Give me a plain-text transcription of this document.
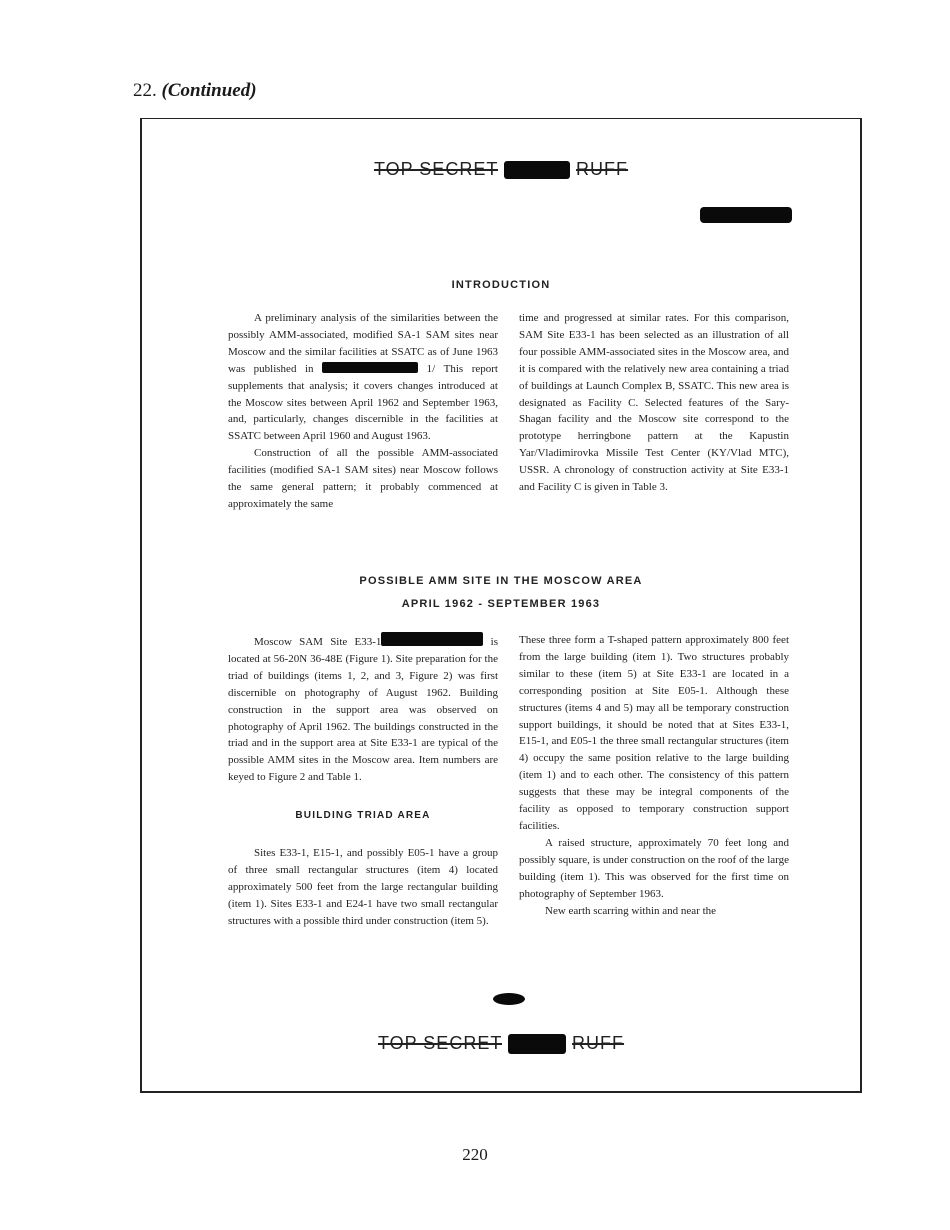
22. (Continued)
TOP SECRET	RUFF
INTRODUCTION

A preliminary analysis of the similarities between the possibly AMM-associated, modified SA-1 SAM sites near Moscow and the similar facilities at SSATC as of June 1963 was published in	1/ This report supplements that analysis; it covers changes introduced at the Moscow sites between April 1962 and September 1963, and, particularly, changes discernible in the facilities at SSATC between April 1960 and August 1963.

Construction of all the possible AMM-associated facilities (modified SA-1 SAM sites) near Moscow follows the same general pattern; it probably commenced at approximately the same

time and progressed at similar rates. For this comparison, SAM Site E33-1 has been selected as an illustration of all four possible AMM-associated sites in the Moscow area, and it is compared with the relatively new area containing a triad of buildings at Launch Complex B, SSATC. This new area is designated as Facility C. Selected features of the Sary-Shagan facility and the Moscow site correspond to the prototype herringbone pattern at the Kapustin Yar/Vladimirovka Missile Test Center (KY/Vlad MTC), USSR. A chronology of construction activity at Site E33-1 and Facility C is given in Table 3.

POSSIBLE AMM SITE IN THE MOSCOW AREA
APRIL 1962 - SEPTEMBER 1963

Moscow SAM Site E33-1	is located at 56-20N 36-48E (Figure 1). Site preparation for the triad of buildings (items 1, 2, and 3, Figure 2) was first discernible on photography of August 1962. Building construction in the support area was observed on photography of April 1962. The buildings constructed in the triad and in the support area at Site E33-1 are typical of the possible AMM sites in the Moscow area. Item numbers are keyed to Figure 2 and Table 1.

BUILDING TRIAD AREA

Sites E33-1, E15-1, and possibly E05-1 have a group of three small rectangular structures (item 4) located approximately 500 feet from the large rectangular building (item 1). Sites E33-1 and E24-1 have two small rectangular structures with a possible third under construction (item 5).

These three form a T-shaped pattern approximately 800 feet from the large building (item 1). Two structures probably similar to these (item 5) at Site E33-1 are located in a corresponding position at Site E05-1. Although these structures (items 4 and 5) may all be temporary construction support buildings, it should be noted that at Sites E33-1, E15-1, and E05-1 the three small rectangular structures (item 4) occupy the same position relative to the large building (item 1) and to each other. The consistency of this pattern suggests that these may be integral components of the facility as opposed to temporary construction support facilities.

A raised structure, approximately 70 feet long and possibly square, is under construction on the roof of the large building (item 1). This was observed for the first time on photography of September 1963.

New earth scarring within and near the

TOP SECRET	RUFF
220
